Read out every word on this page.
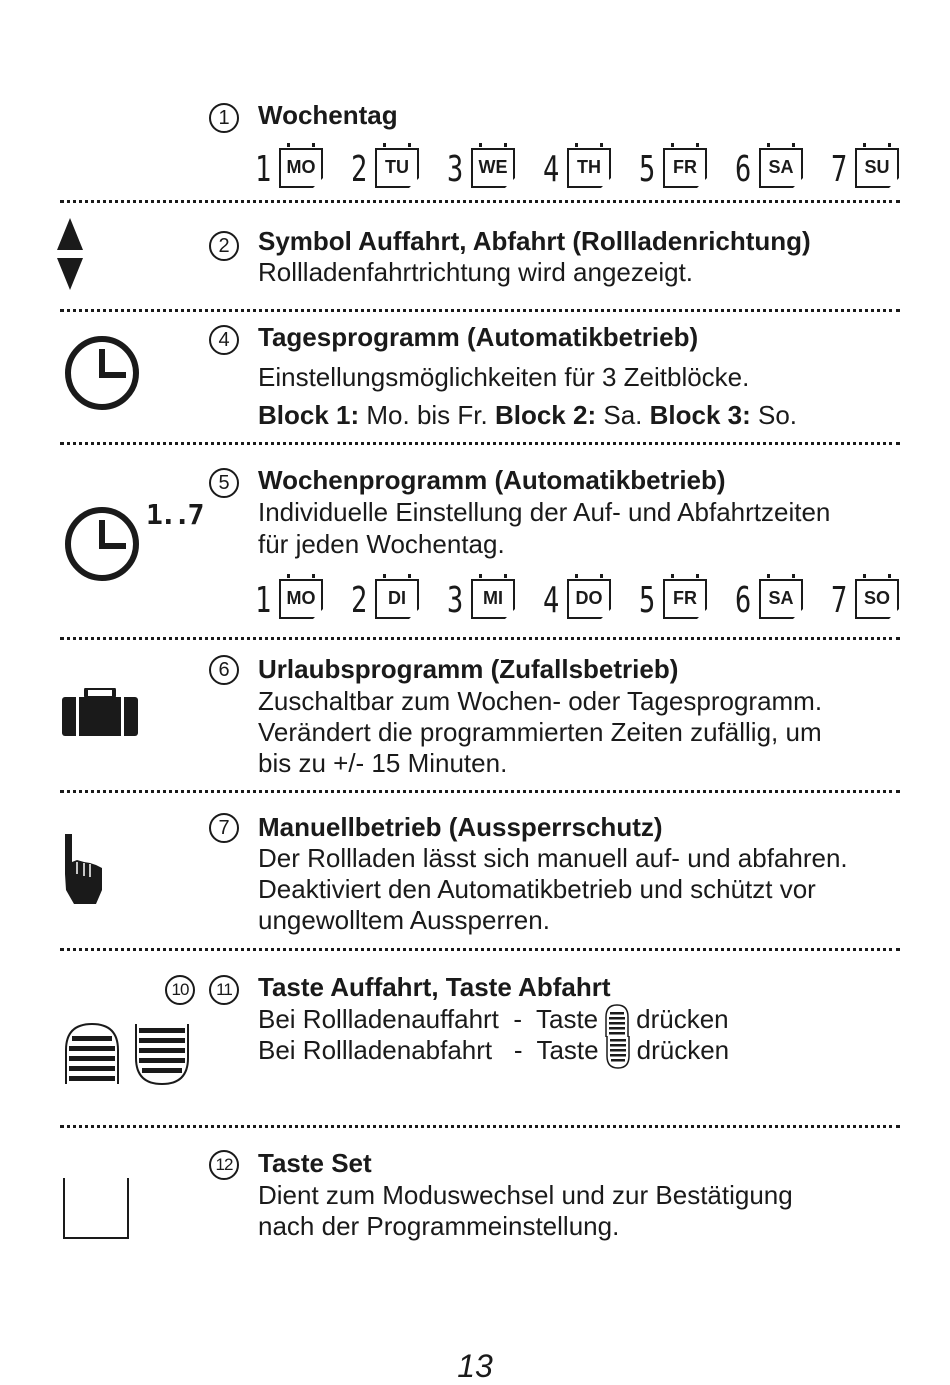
1	Wochentag
1 MO 2 TU 3 WE 4 TH 5 FR 6 SA 7 SU
2	Symbol Auffahrt, Abfahrt (Rollladenrichtung)
Rollladenfahrtrichtung wird angezeigt.
4	Tagesprogramm (Automatikbetrieb)
Einstellungsmöglichkeiten für 3 Zeitblöcke.
Block 1: Mo. bis Fr. Block 2: Sa. Block 3: So.
1..7
5	Wochenprogramm (Automatikbetrieb)
Individuelle Einstellung der Auf- und Abfahrtzeiten
für jeden Wochentag.
1 MO 2	DI	3	MI	4 DO 5 FR 6 SA 7 SO
6	Urlaubsprogramm (Zufallsbetrieb)
Zuschaltbar zum Wochen- oder Tagesprogramm.
Verändert die programmierten Zeiten zufällig, um
bis zu +/- 15 Minuten.
7	Manuellbetrieb (Aussperrschutz)
Der Rollladen lässt sich manuell auf- und abfahren.
Deaktiviert den Automatikbetrieb und schützt vor
ungewolltem Aussperren.
10	11 Taste Auffahrt, Taste Abfahrt
Bei Rollladenauffahrt  -  Taste drücken
Bei Rollladenabfahrt   -  Taste drücken
12 Taste Set
Dient zum Moduswechsel und zur Bestätigung
nach der Programmeinstellung.
13
